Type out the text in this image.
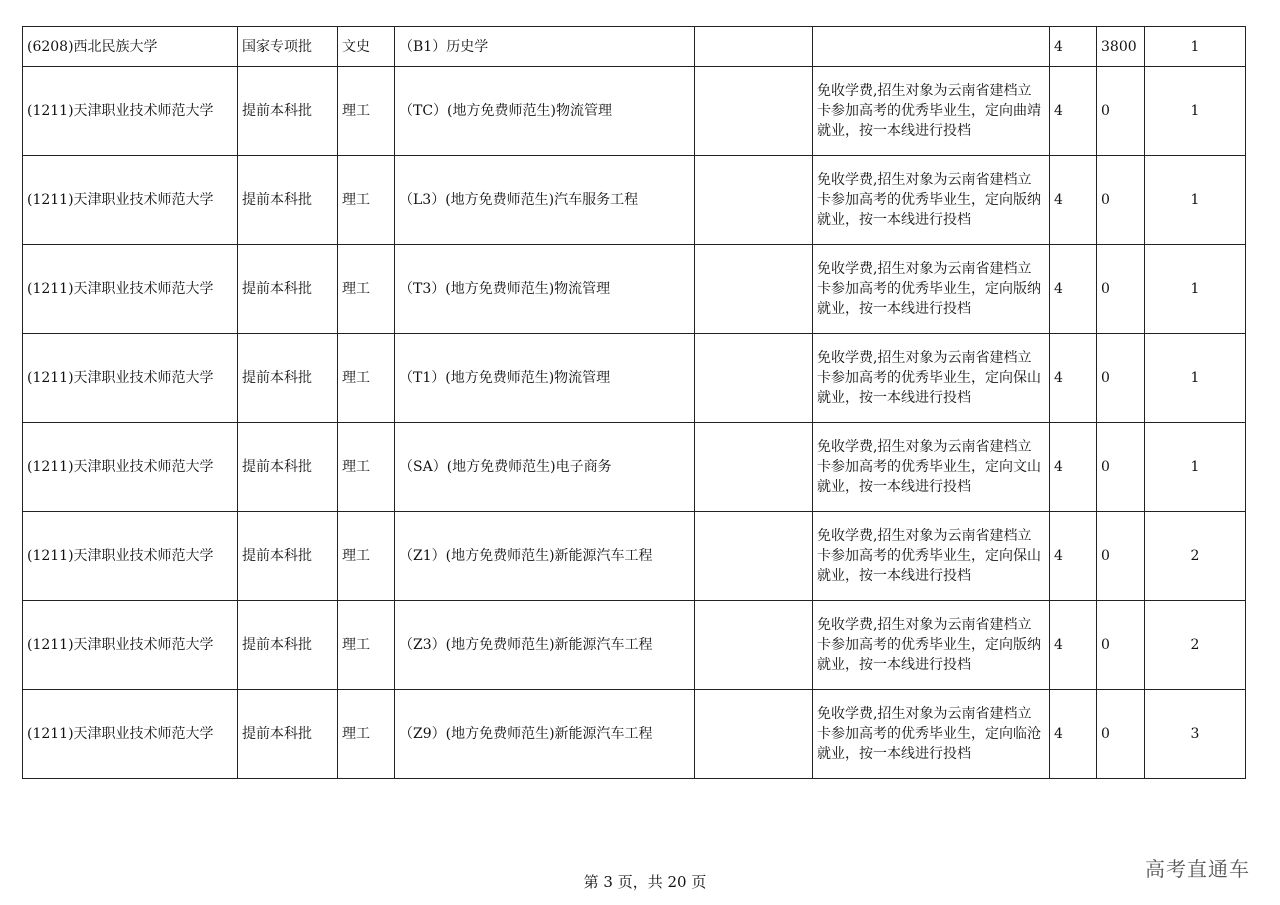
(6208)西北民族大学	国家专项批	文史	（B1）历史学			4	3800	1
(1211)天津职业技术师范大学	提前本科批	理工	（TC）(地方免费师范生)物流管理		免收学费,招生对象为云南省建档立卡参加高考的优秀毕业生，定向曲靖就业，按一本线进行投档	4	0	1
(1211)天津职业技术师范大学	提前本科批	理工	（L3）(地方免费师范生)汽车服务工程		免收学费,招生对象为云南省建档立卡参加高考的优秀毕业生，定向版纳就业，按一本线进行投档	4	0	1
(1211)天津职业技术师范大学	提前本科批	理工	（T3）(地方免费师范生)物流管理		免收学费,招生对象为云南省建档立卡参加高考的优秀毕业生，定向版纳就业，按一本线进行投档	4	0	1
(1211)天津职业技术师范大学	提前本科批	理工	（T1）(地方免费师范生)物流管理		免收学费,招生对象为云南省建档立卡参加高考的优秀毕业生，定向保山就业，按一本线进行投档	4	0	1
(1211)天津职业技术师范大学	提前本科批	理工	（SA）(地方免费师范生)电子商务		免收学费,招生对象为云南省建档立卡参加高考的优秀毕业生，定向文山就业，按一本线进行投档	4	0	1
(1211)天津职业技术师范大学	提前本科批	理工	（Z1）(地方免费师范生)新能源汽车工程		免收学费,招生对象为云南省建档立卡参加高考的优秀毕业生，定向保山就业，按一本线进行投档	4	0	2
(1211)天津职业技术师范大学	提前本科批	理工	（Z3）(地方免费师范生)新能源汽车工程		免收学费,招生对象为云南省建档立卡参加高考的优秀毕业生，定向版纳就业，按一本线进行投档	4	0	2
(1211)天津职业技术师范大学	提前本科批	理工	（Z9）(地方免费师范生)新能源汽车工程		免收学费,招生对象为云南省建档立卡参加高考的优秀毕业生，定向临沧就业，按一本线进行投档	4	0	3
第 3 页，共 20 页
高考直通车
